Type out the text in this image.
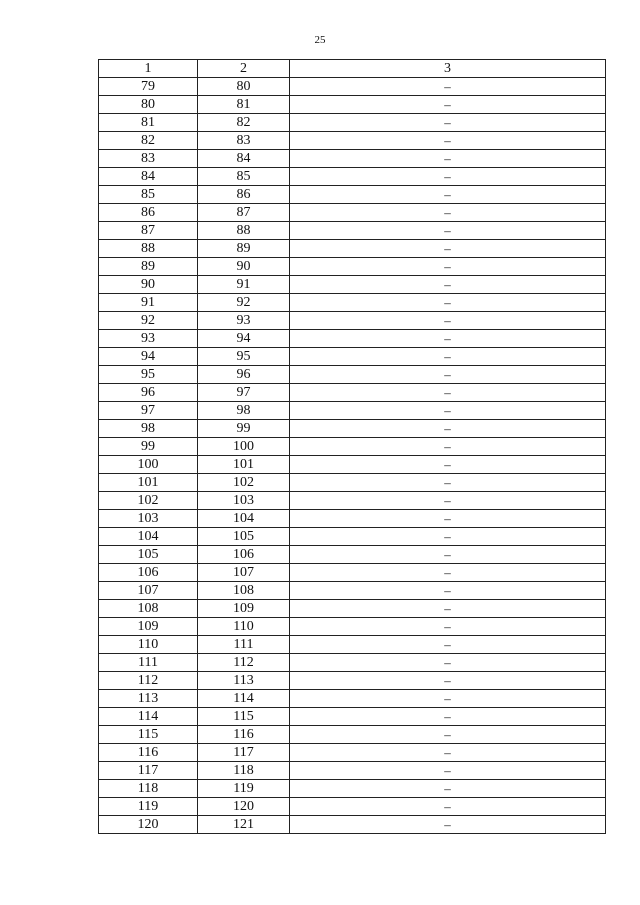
25
1	2	3
79	80	–
80	81	–
81	82	–
82	83	–
83	84	–
84	85	–
85	86	–
86	87	–
87	88	–
88	89	–
89	90	–
90	91	–
91	92	–
92	93	–
93	94	–
94	95	–
95	96	–
96	97	–
97	98	–
98	99	–
99	100	–
100	101	–
101	102	–
102	103	–
103	104	–
104	105	–
105	106	–
106	107	–
107	108	–
108	109	–
109	110	–
110	111	–
111	112	–
112	113	–
113	114	–
114	115	–
115	116	–
116	117	–
117	118	–
118	119	–
119	120	–
120	121	–
